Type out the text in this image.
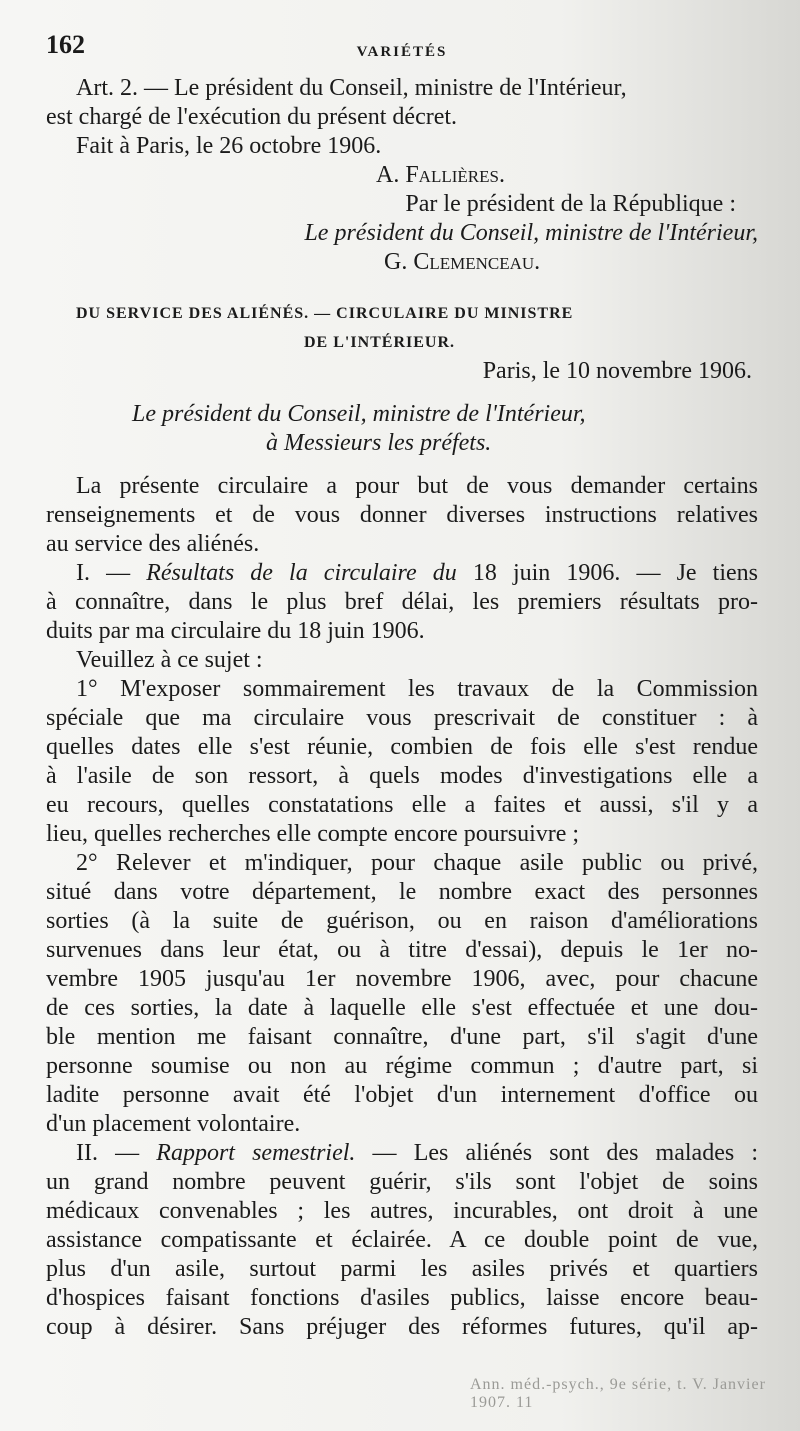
162	VARIÉTÉS
Art. 2. — Le président du Conseil, ministre de l'Intérieur,
est chargé de l'exécution du présent décret.
Fait à Paris, le 26 octobre 1906.
A. Fallières.
Par le président de la République :
Le président du Conseil, ministre de l'Intérieur,
G. Clemenceau.
DU SERVICE DES ALIÉNÉS. — CIRCULAIRE DU MINISTRE
DE L'INTÉRIEUR.
Paris, le 10 novembre 1906.
Le président du Conseil, ministre de l'Intérieur,
à Messieurs les préfets.
La présente circulaire a pour but de vous demander certains
renseignements et de vous donner diverses instructions relatives
au service des aliénés.
I. — Résultats de la circulaire du 18 juin 1906. — Je tiens
à connaître, dans le plus bref délai, les premiers résultats pro-
duits par ma circulaire du 18 juin 1906.
Veuillez à ce sujet :
1° M'exposer sommairement les travaux de la Commission
spéciale que ma circulaire vous prescrivait de constituer : à
quelles dates elle s'est réunie, combien de fois elle s'est rendue
à l'asile de son ressort, à quels modes d'investigations elle a
eu recours, quelles constatations elle a faites et aussi, s'il y a
lieu, quelles recherches elle compte encore poursuivre ;
2° Relever et m'indiquer, pour chaque asile public ou privé,
situé dans votre département, le nombre exact des personnes
sorties (à la suite de guérison, ou en raison d'améliorations
survenues dans leur état, ou à titre d'essai), depuis le 1er no-
vembre 1905 jusqu'au 1er novembre 1906, avec, pour chacune
de ces sorties, la date à laquelle elle s'est effectuée et une dou-
ble mention me faisant connaître, d'une part, s'il s'agit d'une
personne soumise ou non au régime commun ; d'autre part, si
ladite personne avait été l'objet d'un internement d'office ou
d'un placement volontaire.
II. — Rapport semestriel. — Les aliénés sont des malades :
un grand nombre peuvent guérir, s'ils sont l'objet de soins
médicaux convenables ; les autres, incurables, ont droit à une
assistance compatissante et éclairée. A ce double point de vue,
plus d'un asile, surtout parmi les asiles privés et quartiers
d'hospices faisant fonctions d'asiles publics, laisse encore beau-
coup à désirer. Sans préjuger des réformes futures, qu'il ap-
Ann. méd.-psych., 9e série, t. V. Janvier 1907. 11
